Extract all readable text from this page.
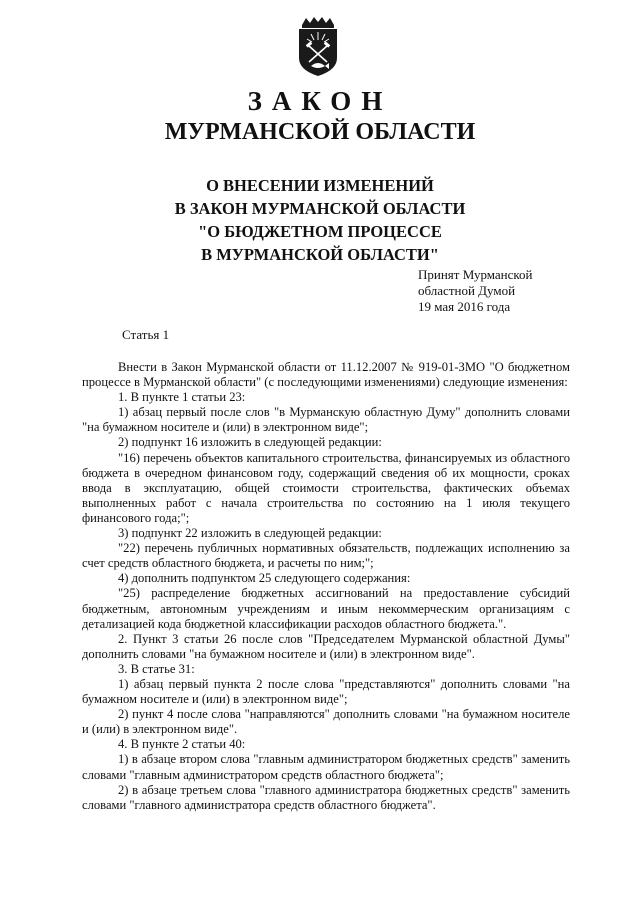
ЗАКОН
МУРМАНСКОЙ ОБЛАСТИ
О ВНЕСЕНИИ ИЗМЕНЕНИЙ
В ЗАКОН МУРМАНСКОЙ ОБЛАСТИ
"О БЮДЖЕТНОМ ПРОЦЕССЕ
В МУРМАНСКОЙ ОБЛАСТИ"
Принят Мурманской
областной Думой
19 мая 2016 года
Статья 1

Внести в Закон Мурманской области от 11.12.2007 № 919-01-ЗМО "О бюджетном процессе в Мурманской области" (с последующими изменениями) следующие изменения:

1. В пункте 1 статьи 23:

1) абзац первый после слов "в Мурманскую областную Думу" дополнить словами "на бумажном носителе и (или) в электронном виде";

2) подпункт 16 изложить в следующей редакции:

"16) перечень объектов капитального строительства, финансируемых из областного бюджета в очередном финансовом году, содержащий сведения об их мощности, сроках ввода в эксплуатацию, общей стоимости строительства, фактических объемах выполненных работ с начала строительства по состоянию на 1 июля текущего финансового года;";

3) подпункт 22 изложить в следующей редакции:

"22) перечень публичных нормативных обязательств, подлежащих исполнению за счет средств областного бюджета, и расчеты по ним;";

4) дополнить подпунктом 25 следующего содержания:

"25) распределение бюджетных ассигнований на предоставление субсидий бюджетным, автономным учреждениям и иным некоммерческим организациям с детализацией кода бюджетной классификации расходов областного бюджета.".

2. Пункт 3 статьи 26 после слов "Председателем Мурманской областной Думы" дополнить словами "на бумажном носителе и (или) в электронном виде".

3. В статье 31:

1) абзац первый пункта 2 после слова "представляются" дополнить словами "на бумажном носителе и (или) в электронном виде";

2) пункт 4 после слова "направляются" дополнить словами "на бумажном носителе и (или) в электронном виде".

4. В пункте 2 статьи 40:

1) в абзаце втором слова "главным администратором бюджетных средств" заменить словами "главным администратором средств областного бюджета";

2) в абзаце третьем слова "главного администратора бюджетных средств" заменить словами "главного администратора средств областного бюджета".
